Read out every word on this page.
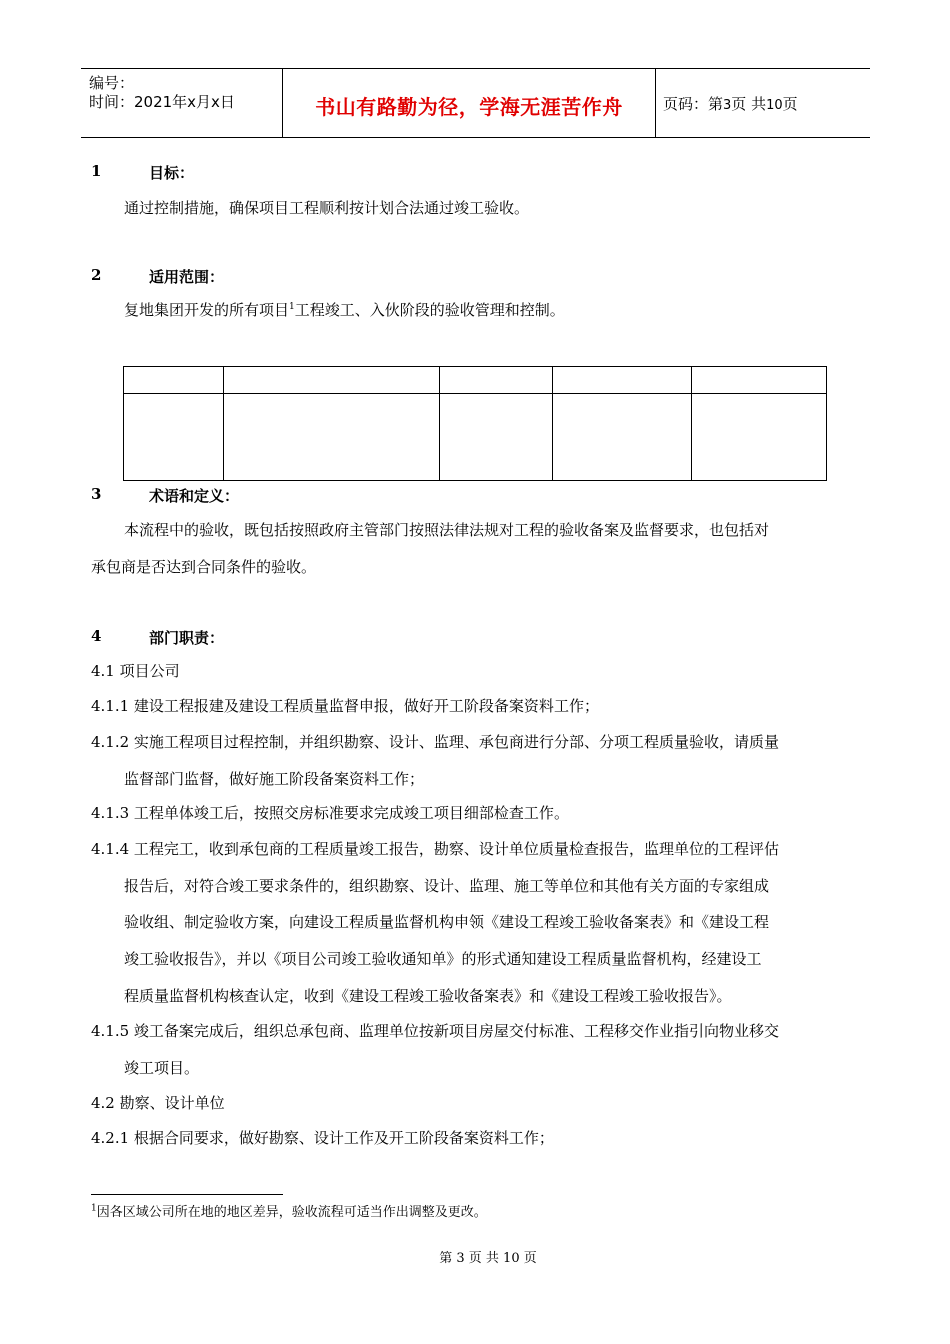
编号：
时间：2021年x月x日	书山有路勤为径，学海无涯苦作舟	页码：第3页 共10页
1	目标：
通过控制措施，确保项目工程顺利按计划合法通过竣工验收。
2	适用范围：
复地集团开发的所有项目$^1$工程竣工、入伙阶段的验收管理和控制。

3	术语和定义：
本流程中的验收，既包括按照政府主管部门按照法律法规对工程的验收备案及监督要求，也包括对
承包商是否达到合同条件的验收。
4	部门职责：
4.1 项目公司
4.1.1 建设工程报建及建设工程质量监督申报，做好开工阶段备案资料工作；
4.1.2 实施工程项目过程控制，并组织勘察、设计、监理、承包商进行分部、分项工程质量验收，请质量
监督部门监督，做好施工阶段备案资料工作；
4.1.3 工程单体竣工后，按照交房标准要求完成竣工项目细部检查工作。
4.1.4 工程完工，收到承包商的工程质量竣工报告，勘察、设计单位质量检查报告，监理单位的工程评估
报告后，对符合竣工要求条件的，组织勘察、设计、监理、施工等单位和其他有关方面的专家组成
验收组、制定验收方案，向建设工程质量监督机构申领《建设工程竣工验收备案表》和《建设工程
竣工验收报告》，并以《项目公司竣工验收通知单》的形式通知建设工程质量监督机构，经建设工
程质量监督机构核查认定，收到《建设工程竣工验收备案表》和《建设工程竣工验收报告》。
4.1.5 竣工备案完成后，组织总承包商、监理单位按新项目房屋交付标准、工程移交作业指引向物业移交
竣工项目。
4.2 勘察、设计单位
4.2.1 根据合同要求，做好勘察、设计工作及开工阶段备案资料工作；
$^1$因各区域公司所在地的地区差异，验收流程可适当作出调整及更改。
第 3 页 共 10 页
